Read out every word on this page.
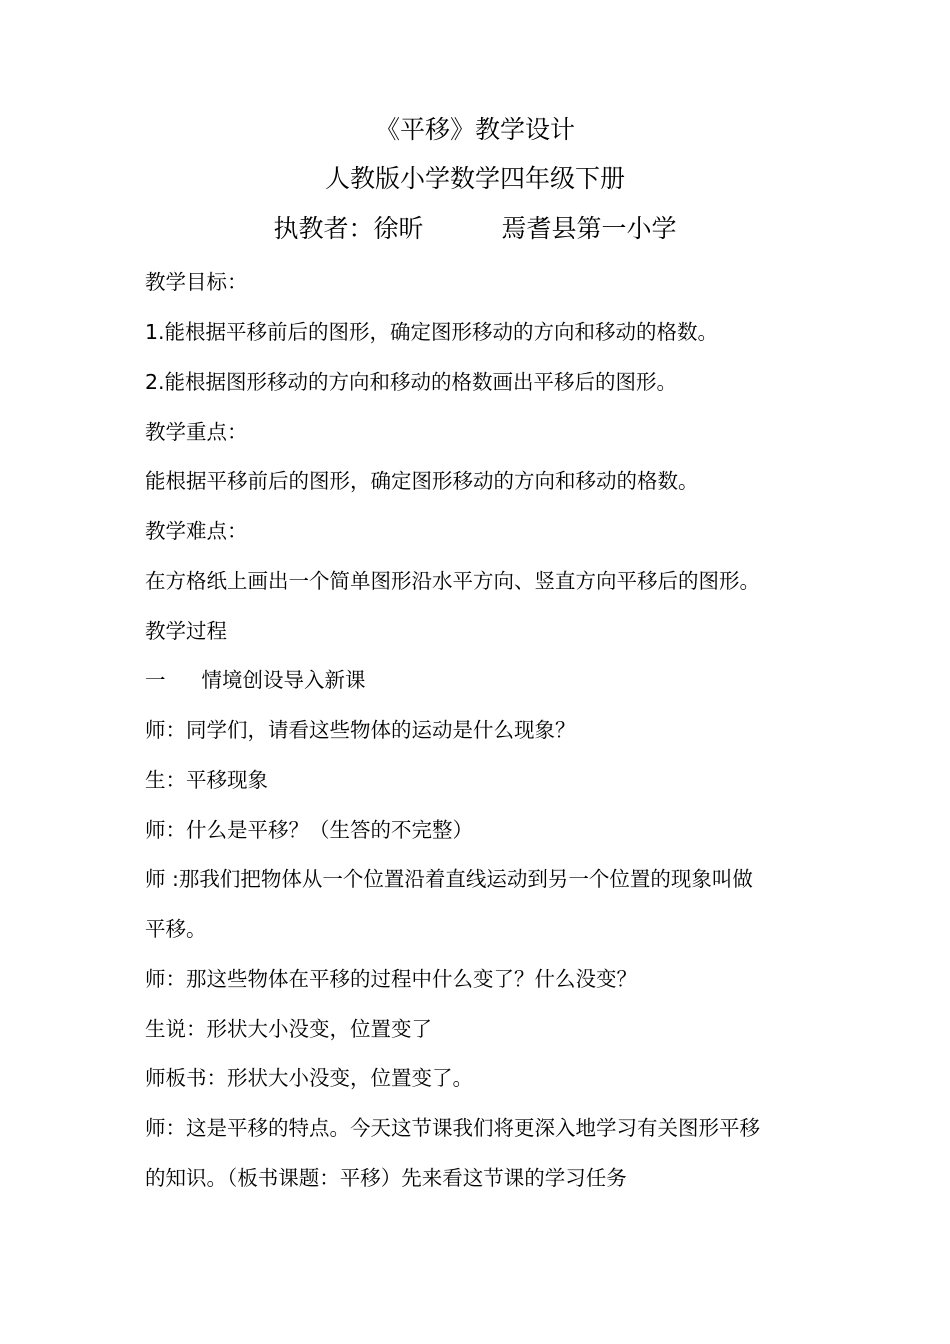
《平移》教学设计
人教版小学数学四年级下册
执教者：徐昕	焉耆县第一小学
教学目标：
1.能根据平移前后的图形，确定图形移动的方向和移动的格数。
2.能根据图形移动的方向和移动的格数画出平移后的图形。
教学重点：
能根据平移前后的图形，确定图形移动的方向和移动的格数。
教学难点：
在方格纸上画出一个简单图形沿水平方向、竖直方向平移后的图形。
教学过程
一 情境创设导入新课
师：同学们，请看这些物体的运动是什么现象？
生：平移现象
师：什么是平移？（生答的不完整）
师 :那我们把物体从一个位置沿着直线运动到另一个位置的现象叫做
平移。
师：那这些物体在平移的过程中什么变了？什么没变？
生说：形状大小没变，位置变了
师板书：形状大小没变，位置变了。
师：这是平移的特点。今天这节课我们将更深入地学习有关图形平移
的知识。（板书课题：平移）先来看这节课的学习任务
